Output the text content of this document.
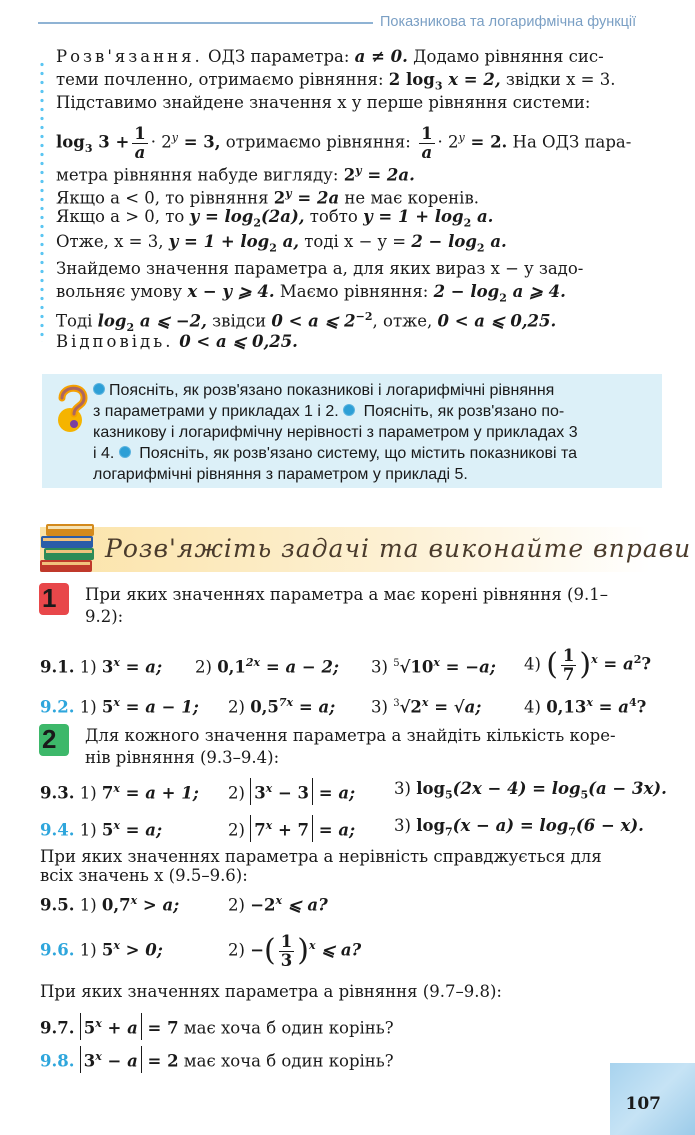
Показникова та логарифмічна функції
Розв'язання. ОДЗ параметра: a ≠ 0. Додамо рівняння сис-
теми почленно, отримаємо рівняння: 2 $\log_3 x = 2$, звідки x = 3.
Підставимо знайдене значення x у перше рівняння системи:
$\log_3 3 + \frac{1}{a} \cdot 2^y = 3$, отримаємо рівняння: $\frac{1}{a} \cdot 2^y = 2$. На ОДЗ пара-
метра рівняння набуде вигляду: $2^y = 2a$.
Якщо a < 0, то рівняння $2^y = 2a$ не має коренів.
Якщо a > 0, то $y = \log_2(2a)$, тобто $y = 1 + \log_2 a$.
Отже, x = 3, $y = 1 + \log_2 a$, тоді $x - y = 2 - \log_2 a$.
Знайдемо значення параметра a, для яких вираз x − y задо-
вольняє умову x − y ⩾ 4. Маємо рівняння: $2 - \log_2 a$ ⩾ 4.
Тоді $\log_2 a$ ⩽ −2, звідси 0 < a ⩽ $2^{-2}$, отже, 0 < a ⩽ 0,25.
Відповідь. 0 < a ⩽ 0,25.
Поясніть, як розв'язано показникові і логарифмічні рівняння
з параметрами у прикладах 1 і 2.  Поясніть, як розв'язано по-
казникову і логарифмічну нерівності з параметром у прикладах 3
і 4.  Поясніть, як розв'язано систему, що містить показникові та
логарифмічні рівняння з параметром у прикладі 5.
Розв'яжіть задачі та виконайте вправи
1 При яких значеннях параметра a має корені рівняння (9.1–
9.2):
9.1. 1) $3^x = a$; 2) $0,1^{2x} = a - 2$; 3) $^5√10^x = -a$; 4) ( $\frac{1}{7} )^x = a^2$?
9.2. 1) $5^x = a - 1$; 2) $0,5^{7x} = a$; 3) $^3√2^x = √a$;	4) $0,13^x = a^4$?
2 Для кожного значення параметра a знайдіть кількість коре-
нів рівняння (9.3–9.4):
9.3. 1) $7^x = a + 1$; 2) $3^x - 3 = a$; 3) $\log_5(2x - 4) = \log_5(a - 3x)$.
9.4. 1) $5^x = a$;	2) $7^x + 7 = a$; 3) $\log_7(x - a) = \log_7(6 - x)$.
При яких значеннях параметра a нерівність справджується для
всіх значень x (9.5–9.6):
9.5. 1) $0,7^x > a$;	$2) -2^x$ ⩽ a?
9.6. 1) $5^x > 0$;	2) −( $\frac{1}{3} )^x$ ⩽ a?
При яких значеннях параметра a рівняння (9.7–9.8):
9.7. $5^x + a = 7$ має хоча б один корінь?
9.8. $3^x - a = 2$ має хоча б один корінь?
107
